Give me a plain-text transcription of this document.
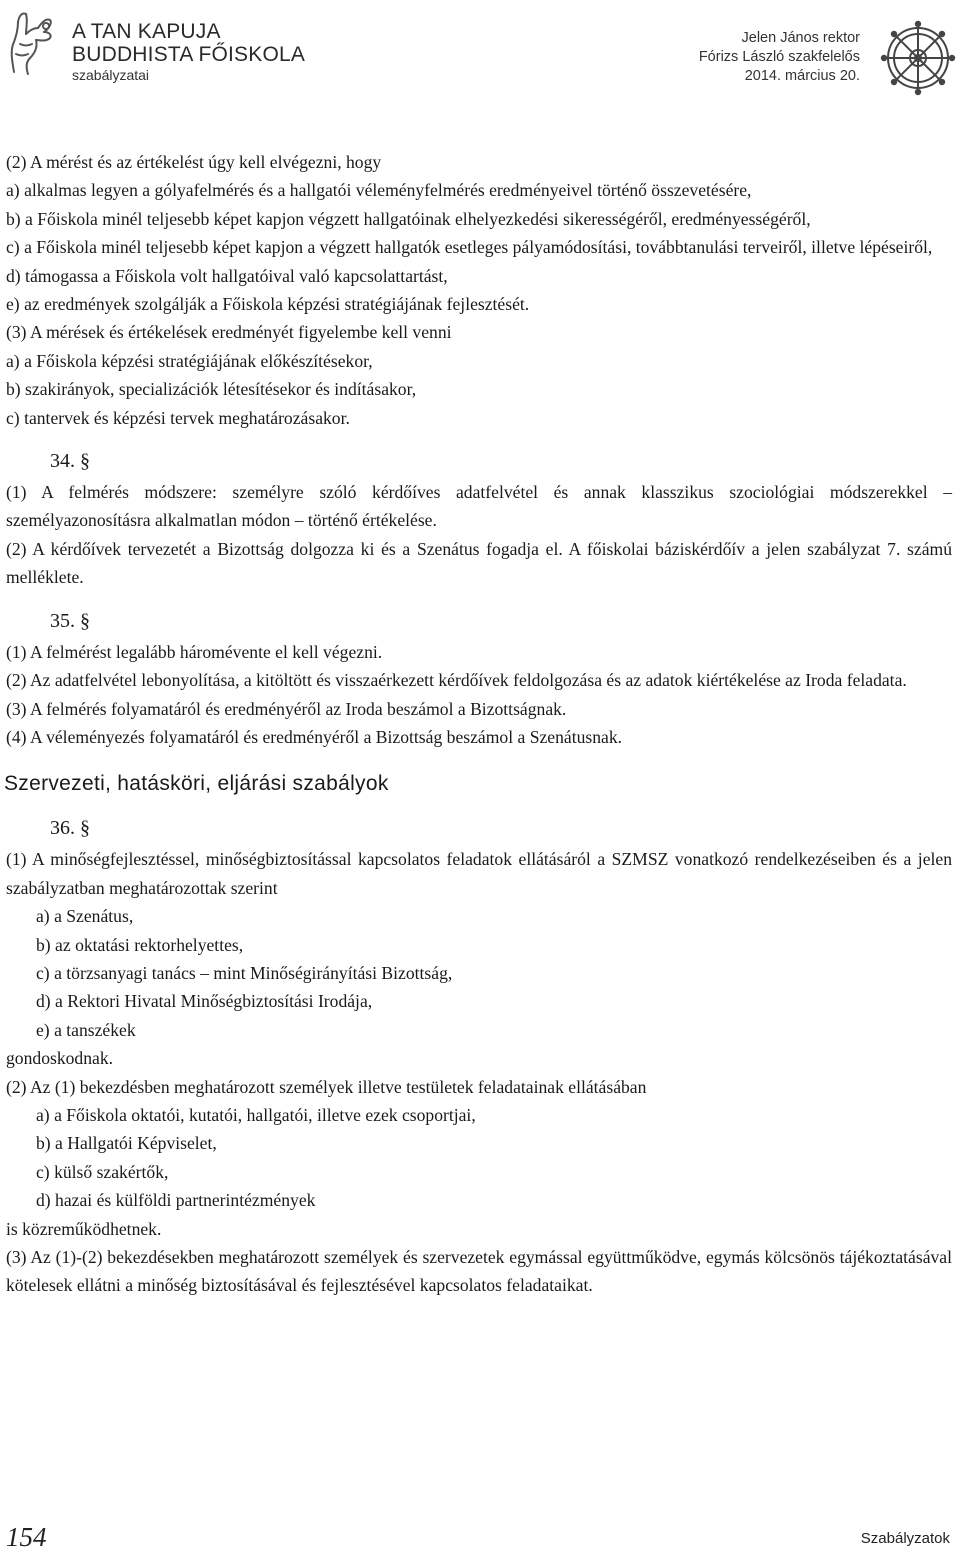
A TAN KAPUJA
BUDDHISTA FŐISKOLA
szabályzatai
Jelen János rektor
Fórizs László szakfelelős
2014. március 20.

(2) A mérést és az értékelést úgy kell elvégezni, hogy

a) alkalmas legyen a gólyafelmérés és a hallgatói véleményfelmérés eredményeivel történő összevetésére,

b) a Főiskola minél teljesebb képet kapjon végzett hallgatóinak elhelyezkedési sikerességéről, eredményességéről,

c) a Főiskola minél teljesebb képet kapjon a végzett hallgatók esetleges pályamódosítási, továbbtanulási terveiről, illetve lépéseiről,

d) támogassa a Főiskola volt hallgatóival való kapcsolattartást,

e) az eredmények szolgálják a Főiskola képzési stratégiájának fejlesztését.

(3) A mérések és értékelések eredményét figyelembe kell venni

a) a Főiskola képzési stratégiájának előkészítésekor,

b) szakirányok, specializációk létesítésekor és indításakor,

c) tantervek és képzési tervek meghatározásakor.

34. §

(1) A felmérés módszere: személyre szóló kérdőíves adatfelvétel és annak klasszikus szociológiai módszerekkel – személyazonosításra alkalmatlan módon – történő értékelése.

(2) A kérdőívek tervezetét a Bizottság dolgozza ki és a Szenátus fogadja el. A főiskolai báziskérdőív a jelen szabályzat 7. számú melléklete.

35. §

(1) A felmérést legalább háromévente el kell végezni.

(2) Az adatfelvétel lebonyolítása, a kitöltött és visszaérkezett kérdőívek feldolgozása és az adatok kiértékelése az Iroda feladata.

(3) A felmérés folyamatáról és eredményéről az Iroda beszámol a Bizottságnak.

(4) A véleményezés folyamatáról és eredményéről a Bizottság beszámol a Szenátusnak.

Szervezeti, hatásköri, eljárási szabályok
36. §

(1) A minőségfejlesztéssel, minőségbiztosítással kapcsolatos feladatok ellátásáról a SZMSZ vonatkozó rendelkezéseiben és a jelen szabályzatban meghatározottak szerint

a) a Szenátus,

b) az oktatási rektorhelyettes,

c) a törzsanyagi tanács – mint Minőségirányítási Bizottság,

d) a Rektori Hivatal Minőségbiztosítási Irodája,

e) a tanszékek

gondoskodnak.

(2) Az (1) bekezdésben meghatározott személyek illetve testületek feladatainak ellátásában

a) a Főiskola oktatói, kutatói, hallgatói, illetve ezek csoportjai,

b) a Hallgatói Képviselet,

c) külső szakértők,

d) hazai és külföldi partnerintézmények

is közreműködhetnek.

(3) Az (1)-(2) bekezdésekben meghatározott személyek és szervezetek egymással együttműködve, egymás kölcsönös tájékoztatásával kötelesek ellátni a minőség biztosításával és fejlesztésével kapcsolatos feladataikat.

154	Szabályzatok
